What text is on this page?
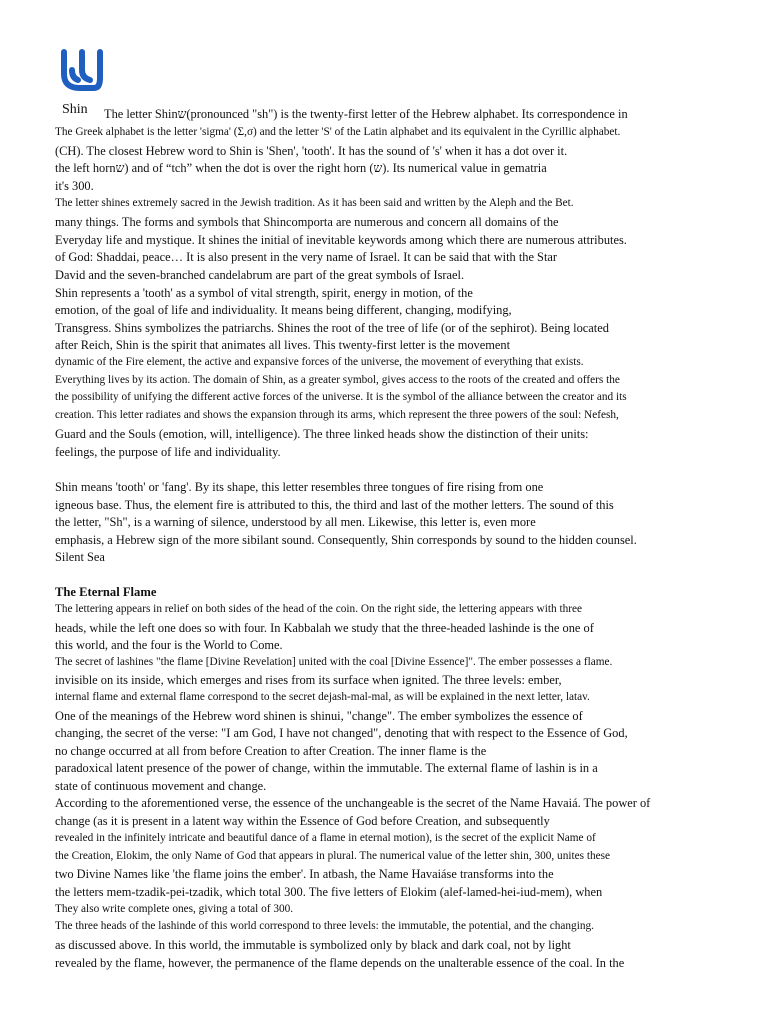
Shin The letter Shinש(pronounced "sh") is the twenty-first letter of the Hebrew alphabet. Its correspondence in
The Greek alphabet is the letter 'sigma' (Σ,σ) and the letter 'S' of the Latin alphabet and its equivalent in the Cyrillic alphabet.
(CH). The closest Hebrew word to Shin is 'Shen', 'tooth'. It has the sound of 's' when it has a dot over it.
the left hornש) and of “tch” when the dot is over the right horn (ש). Its numerical value in gematria
it's 300.
The letter shines extremely sacred in the Jewish tradition. As it has been said and written by the Aleph and the Bet.
many things. The forms and symbols that Shincomporta are numerous and concern all domains of the
Everyday life and mystique. It shines the initial of inevitable keywords among which there are numerous attributes.
of God: Shaddai, peace… It is also present in the very name of Israel. It can be said that with the Star
David and the seven-branched candelabrum are part of the great symbols of Israel.
Shin represents a 'tooth' as a symbol of vital strength, spirit, energy in motion, of the
emotion, of the goal of life and individuality. It means being different, changing, modifying,
Transgress. Shins symbolizes the patriarchs. Shines the root of the tree of life (or of the sephirot). Being located
after Reich, Shin is the spirit that animates all lives. This twenty-first letter is the movement
dynamic of the Fire element, the active and expansive forces of the universe, the movement of everything that exists.
Everything lives by its action. The domain of Shin, as a greater symbol, gives access to the roots of the created and offers the
the possibility of unifying the different active forces of the universe. It is the symbol of the alliance between the creator and its
creation. This letter radiates and shows the expansion through its arms, which represent the three powers of the soul: Nefesh,
Guard and the Souls (emotion, will, intelligence). The three linked heads show the distinction of their units:
feelings, the purpose of life and individuality.
Shin means 'tooth' or 'fang'. By its shape, this letter resembles three tongues of fire rising from one
igneous base. Thus, the element fire is attributed to this, the third and last of the mother letters. The sound of this
the letter, "Sh", is a warning of silence, understood by all men. Likewise, this letter is, even more
emphasis, a Hebrew sign of the more sibilant sound. Consequently, Shin corresponds by sound to the hidden counsel.
Silent Sea
The Eternal Flame
The lettering appears in relief on both sides of the head of the coin. On the right side, the lettering appears with three
heads, while the left one does so with four. In Kabbalah we study that the three-headed lashinde is the one of
this world, and the four is the World to Come.
The secret of lashines "the flame [Divine Revelation] united with the coal [Divine Essence]". The ember possesses a flame.
invisible on its inside, which emerges and rises from its surface when ignited. The three levels: ember,
internal flame and external flame correspond to the secret dejash-mal-mal, as will be explained in the next letter, latav.
One of the meanings of the Hebrew word shinen is shinui, "change". The ember symbolizes the essence of
changing, the secret of the verse: "I am God, I have not changed", denoting that with respect to the Essence of God,
no change occurred at all from before Creation to after Creation. The inner flame is the
paradoxical latent presence of the power of change, within the immutable. The external flame of lashin is in a
state of continuous movement and change.
According to the aforementioned verse, the essence of the unchangeable is the secret of the Name Havaiá. The power of
change (as it is present in a latent way within the Essence of God before Creation, and subsequently
revealed in the infinitely intricate and beautiful dance of a flame in eternal motion), is the secret of the explicit Name of
the Creation, Elokim, the only Name of God that appears in plural. The numerical value of the letter shin, 300, unites these
two Divine Names like 'the flame joins the ember'. In atbash, the Name Havaiáse transforms into the
the letters mem-tzadik-pei-tzadik, which total 300. The five letters of Elokim (alef-lamed-hei-iud-mem), when
They also write complete ones, giving a total of 300.
The three heads of the lashinde of this world correspond to three levels: the immutable, the potential, and the changing.
as discussed above. In this world, the immutable is symbolized only by black and dark coal, not by light
revealed by the flame, however, the permanence of the flame depends on the unalterable essence of the coal. In the
